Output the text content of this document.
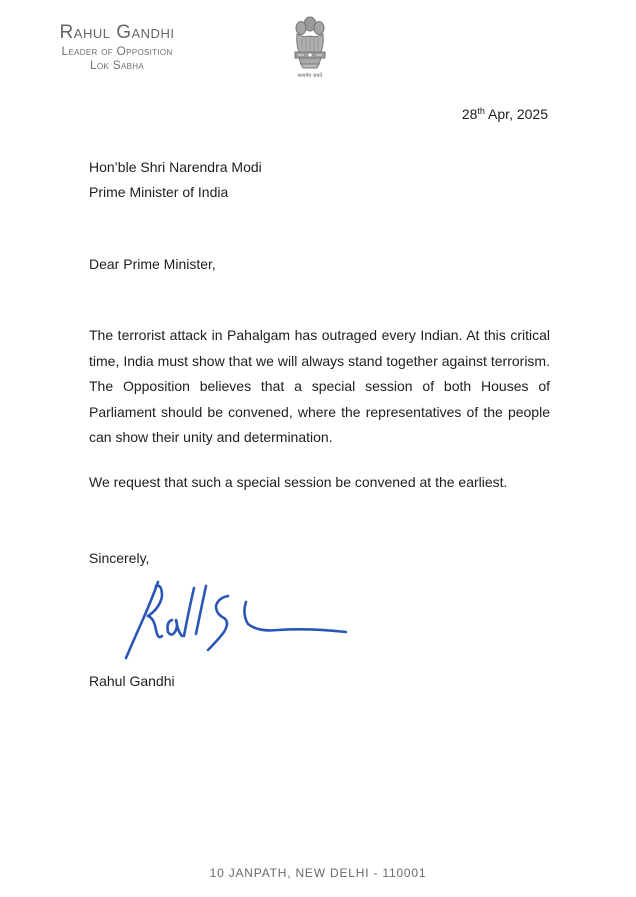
Rahul Gandhi
Leader of Opposition
Lok Sabha
सत्यमेव जयते
28th Apr, 2025
Hon’ble Shri Narendra Modi
Prime Minister of India
Dear Prime Minister,
The terrorist attack in Pahalgam has outraged every Indian. At this critical time, India must show that we will always stand together against terrorism. The Opposition believes that a special session of both Houses of Parliament should be convened, where the representatives of the people can show their unity and determination.
We request that such a special session be convened at the earliest.
Sincerely,
Rahul Gandhi
Rahul Gandhi
10 JANPATH, NEW DELHI - 110001
